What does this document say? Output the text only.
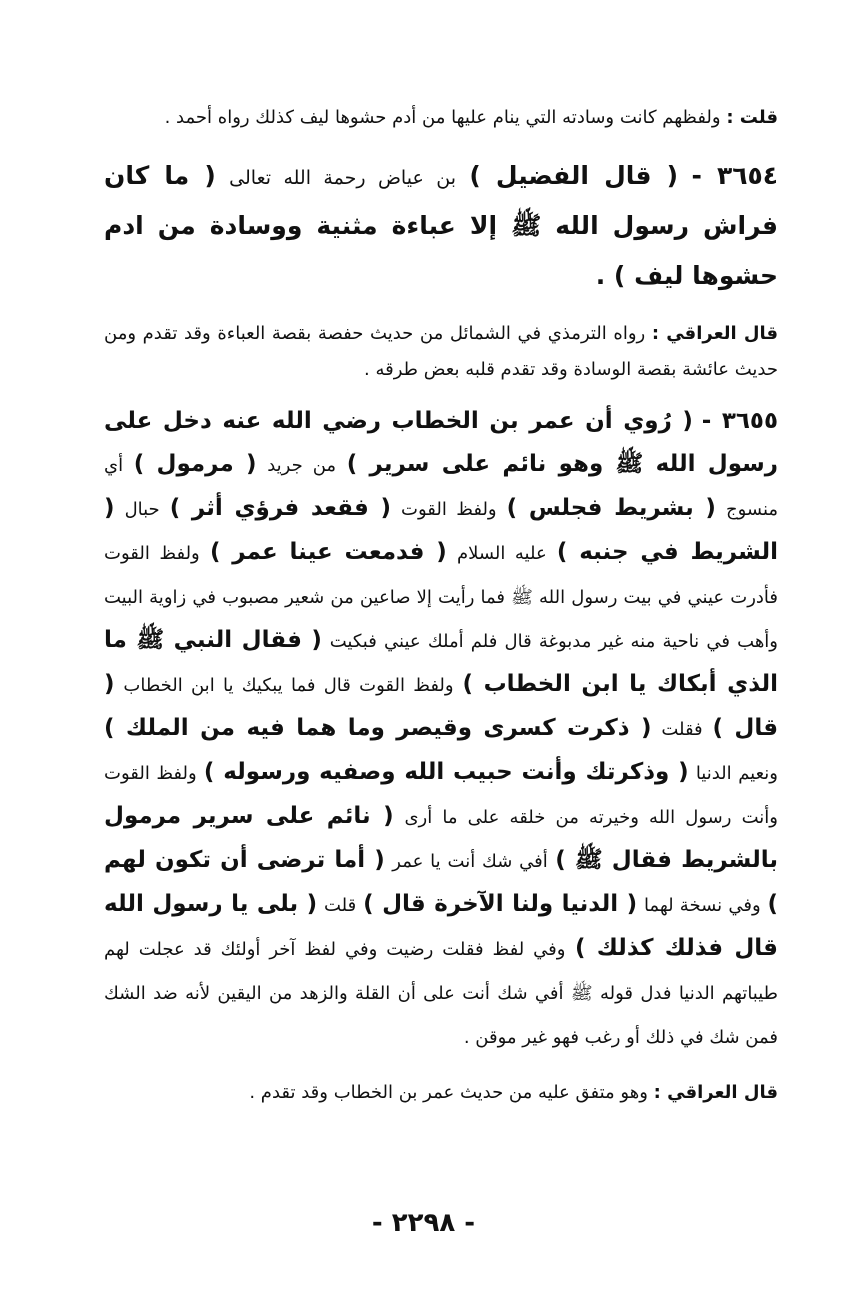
قلت : ولفظهم كانت وسادته التي ينام عليها من أدم حشوها ليف كذلك رواه أحمد .

٣٦٥٤ - ( قال الفضيل ) بن عياض رحمة الله تعالى ( ما كان فراش رسول الله ﷺ إلا عباءة مثنية ووسادة من ادم حشوها ليف ) .

قال العراقي : رواه الترمذي في الشمائل من حديث حفصة بقصة العباءة وقد تقدم ومن حديث عائشة بقصة الوسادة وقد تقدم قلبه بعض طرقه .

٣٦٥٥ - ( رُوي أن عمر بن الخطاب رضي الله عنه دخل على رسول الله ﷺ وهو نائم على سرير ) من جريد ( مرمول ) أي منسوج ( بشريط فجلس ) ولفظ القوت ( فقعد فرؤي أثر ) حبال ( الشريط في جنبه ) عليه السلام ( فدمعت عينا عمر ) ولفظ القوت فأدرت عيني في بيت رسول الله ﷺ فما رأيت إلا صاعين من شعير مصبوب في زاوية البيت وأهب في ناحية منه غير مدبوغة قال فلم أملك عيني فبكيت ( فقال النبي ﷺ ما الذي أبكاك يا ابن الخطاب ) ولفظ القوت قال فما يبكيك يا ابن الخطاب ( قال ) فقلت ( ذكرت كسرى وقيصر وما هما فيه من الملك ) ونعيم الدنيا ( وذكرتك وأنت حبيب الله وصفيه ورسوله ) ولفظ القوت وأنت رسول الله وخيرته من خلقه على ما أرى ( نائم على سرير مرمول بالشريط فقال ﷺ ) أفي شك أنت يا عمر ( أما ترضى أن تكون لهم ) وفي نسخة لهما ( الدنيا ولنا الآخرة قال ) قلت ( بلى يا رسول الله قال فذلك كذلك ) وفي لفظ فقلت رضيت وفي لفظ آخر أولئك قد عجلت لهم طيباتهم الدنيا فدل قوله ﷺ أفي شك أنت على أن القلة والزهد من اليقين لأنه ضد الشك فمن شك في ذلك أو رغب فهو غير موقن .

قال العراقي : وهو متفق عليه من حديث عمر بن الخطاب وقد تقدم .

- ٢٢٩٨ -
